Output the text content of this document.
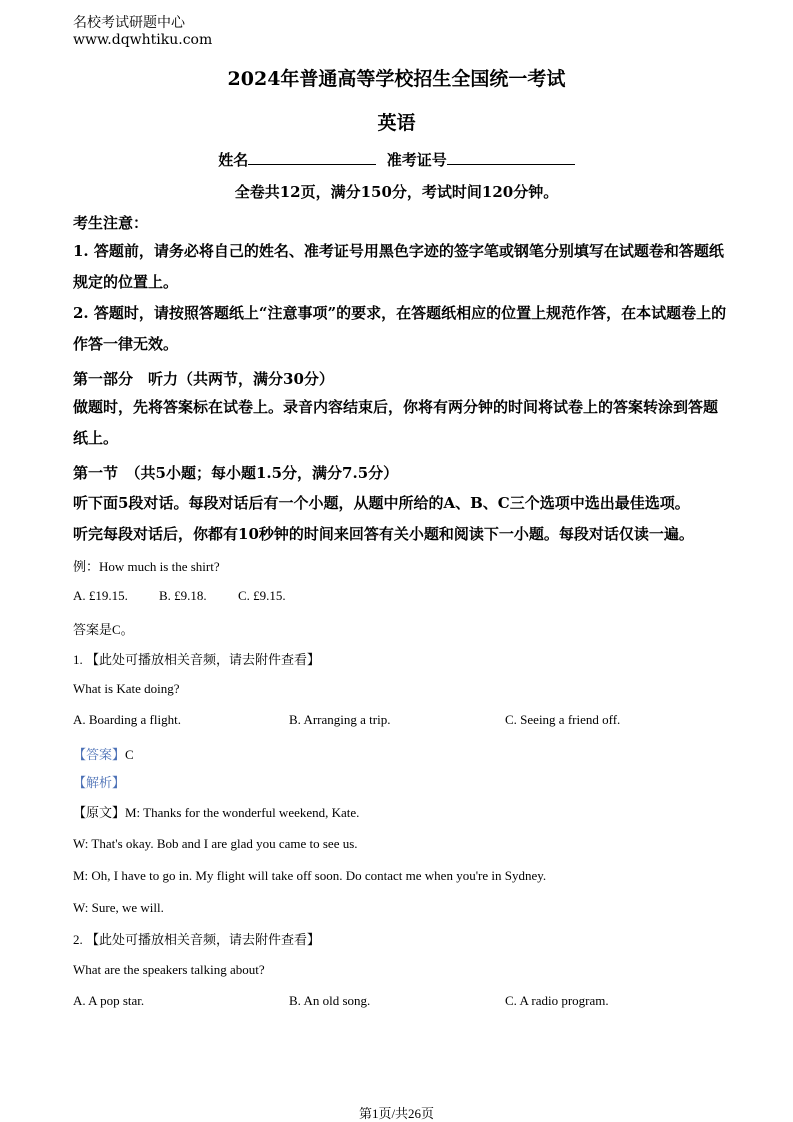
名校考试研题中心
www.dqwhtiku.com
2024年普通高等学校招生全国统一考试
英语
姓名	准考证号
全卷共12页，满分150分，考试时间120分钟。
考生注意：
1. 答题前，请务必将自己的姓名、准考证号用黑色字迹的签字笔或钢笔分别填写在试题卷和答题纸规定的位置上。
2. 答题时，请按照答题纸上“注意事项”的要求，在答题纸相应的位置上规范作答，在本试题卷上的作答一律无效。
第一部分　听力（共两节，满分30分）
做题时，先将答案标在试卷上。录音内容结束后，你将有两分钟的时间将试卷上的答案转涂到答题纸上。
第一节　（共5小题；每小题1.5分，满分7.5分）
听下面5段对话。每段对话后有一个小题，从题中所给的A、B、C三个选项中选出最佳选项。
听完每段对话后，你都有10秒钟的时间来回答有关小题和阅读下一小题。每段对话仅读一遍。
例：How much is the shirt?
A. £19.15. B. £9.18. C. £9.15.
答案是C。
1. 【此处可播放相关音频，请去附件查看】
What is Kate doing?
A. Boarding a flight.	B. Arranging a trip.	C. Seeing a friend off.
【答案】C
【解析】
【原文】M: Thanks for the wonderful weekend, Kate.
W: That's okay. Bob and I are glad you came to see us.
M: Oh, I have to go in. My flight will take off soon. Do contact me when you're in Sydney.
W: Sure, we will.
2. 【此处可播放相关音频，请去附件查看】
What are the speakers talking about?
A. A pop star.	B. An old song.	C. A radio program.
第1页/共26页
